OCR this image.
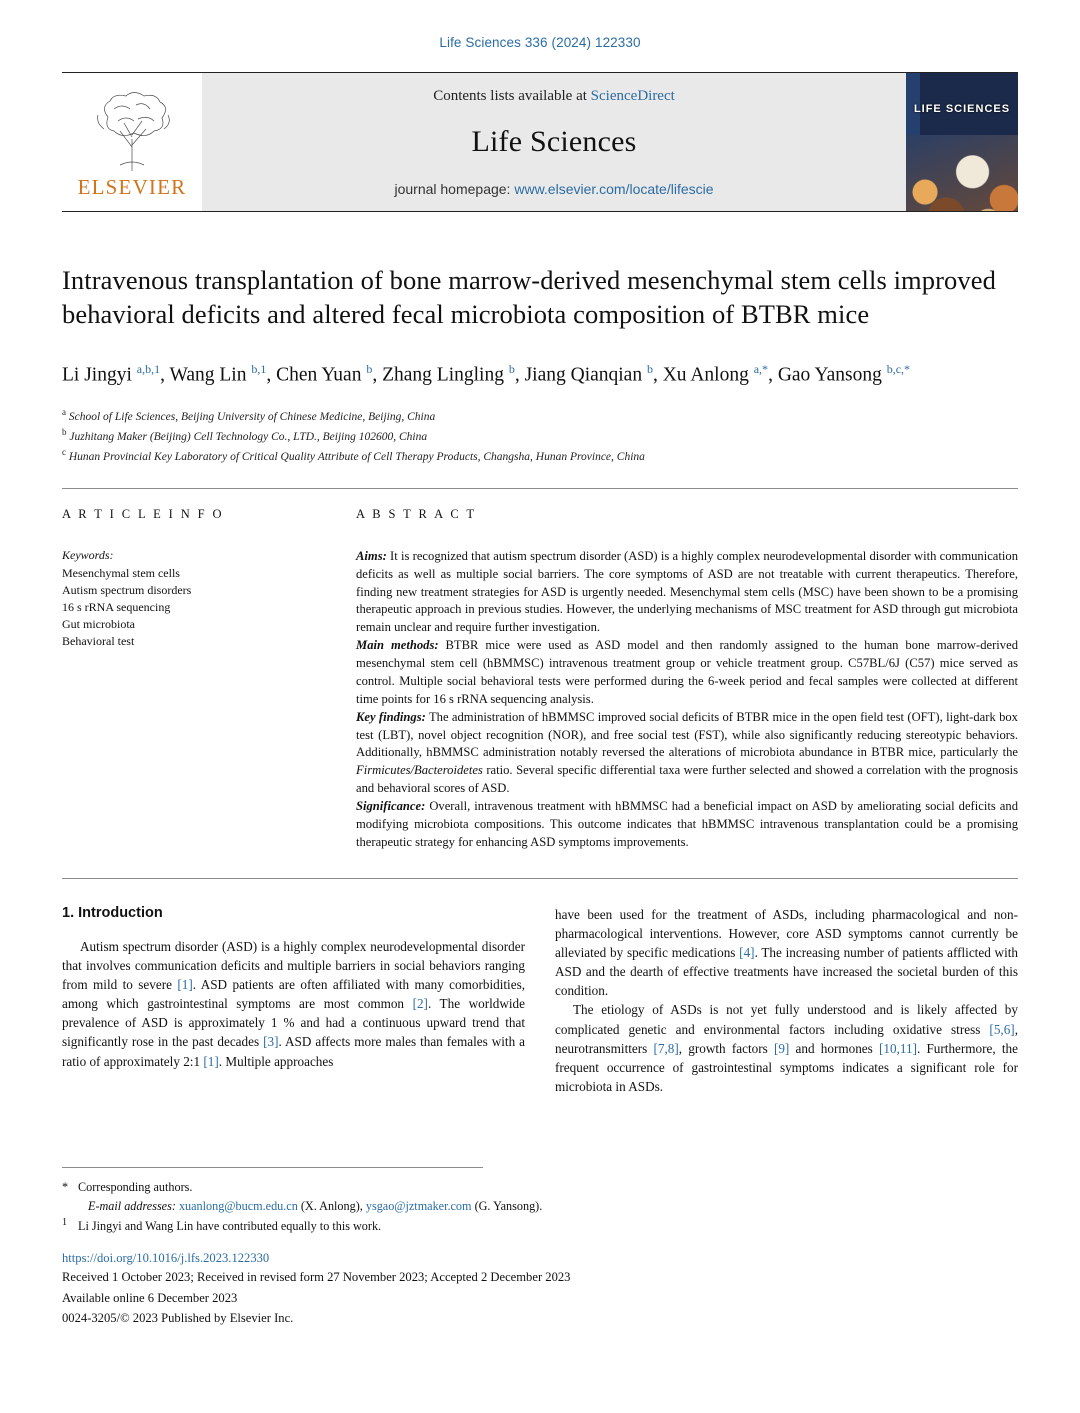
Life Sciences 336 (2024) 122330
ELSEVIER
Contents lists available at ScienceDirect
Life Sciences
journal homepage: www.elsevier.com/locate/lifescie
LIFE SCIENCES
Intravenous transplantation of bone marrow-derived mesenchymal stem cells improved behavioral deficits and altered fecal microbiota composition of BTBR mice
Li Jingyi $^{a,b,1}$, Wang Lin $^{b,1}$, Chen Yuan $^b$, Zhang Lingling $^b$, Jiang Qianqian $^b$, Xu Anlong $^{a,*}$, Gao Yansong $^{b,c,*}$
$^a$ School of Life Sciences, Beijing University of Chinese Medicine, Beijing, China
$^b$ Juzhitang Maker (Beijing) Cell Technology Co., LTD., Beijing 102600, China
$^c$ Hunan Provincial Key Laboratory of Critical Quality Attribute of Cell Therapy Products, Changsha, Hunan Province, China
A R T I C L E I N F O
Keywords:
Mesenchymal stem cells
Autism spectrum disorders
16 s rRNA sequencing
Gut microbiota
Behavioral test
A B S T R A C T

Aims: It is recognized that autism spectrum disorder (ASD) is a highly complex neurodevelopmental disorder with communication deficits as well as multiple social barriers. The core symptoms of ASD are not treatable with current therapeutics. Therefore, finding new treatment strategies for ASD is urgently needed. Mesenchymal stem cells (MSC) have been shown to be a promising therapeutic approach in previous studies. However, the underlying mechanisms of MSC treatment for ASD through gut microbiota remain unclear and require further investigation.

Main methods: BTBR mice were used as ASD model and then randomly assigned to the human bone marrow-derived mesenchymal stem cell (hBMMSC) intravenous treatment group or vehicle treatment group. C57BL/6J (C57) mice served as control. Multiple social behavioral tests were performed during the 6-week period and fecal samples were collected at different time points for 16 s rRNA sequencing analysis.

Key findings: The administration of hBMMSC improved social deficits of BTBR mice in the open field test (OFT), light-dark box test (LBT), novel object recognition (NOR), and free social test (FST), while also significantly reducing stereotypic behaviors. Additionally, hBMMSC administration notably reversed the alterations of microbiota abundance in BTBR mice, particularly the Firmicutes/Bacteroidetes ratio. Several specific differential taxa were further selected and showed a correlation with the prognosis and behavioral scores of ASD.

Significance: Overall, intravenous treatment with hBMMSC had a beneficial impact on ASD by ameliorating social deficits and modifying microbiota compositions. This outcome indicates that hBMMSC intravenous transplantation could be a promising therapeutic strategy for enhancing ASD symptoms improvements.

1. Introduction

Autism spectrum disorder (ASD) is a highly complex neurodevelopmental disorder that involves communication deficits and multiple barriers in social behaviors ranging from mild to severe [1]. ASD patients are often affiliated with many comorbidities, among which gastrointestinal symptoms are most common [2]. The worldwide prevalence of ASD is approximately 1 % and had a continuous upward trend that significantly rose in the past decades [3]. ASD affects more males than females with a ratio of approximately 2:1 [1]. Multiple approaches

have been used for the treatment of ASDs, including pharmacological and non-pharmacological interventions. However, core ASD symptoms cannot currently be alleviated by specific medications [4]. The increasing number of patients afflicted with ASD and the dearth of effective treatments have increased the societal burden of this condition.

The etiology of ASDs is not yet fully understood and is likely affected by complicated genetic and environmental factors including oxidative stress [5,6], neurotransmitters [7,8], growth factors [9] and hormones [10,11]. Furthermore, the frequent occurrence of gastrointestinal symptoms indicates a significant role for microbiota in ASDs.

* Corresponding authors.
E-mail addresses: xuanlong@bucm.edu.cn (X. Anlong), ysgao@jztmaker.com (G. Yansong).
$^1$ Li Jingyi and Wang Lin have contributed equally to this work.
https://doi.org/10.1016/j.lfs.2023.122330
Received 1 October 2023; Received in revised form 27 November 2023; Accepted 2 December 2023
Available online 6 December 2023
0024-3205/© 2023 Published by Elsevier Inc.
